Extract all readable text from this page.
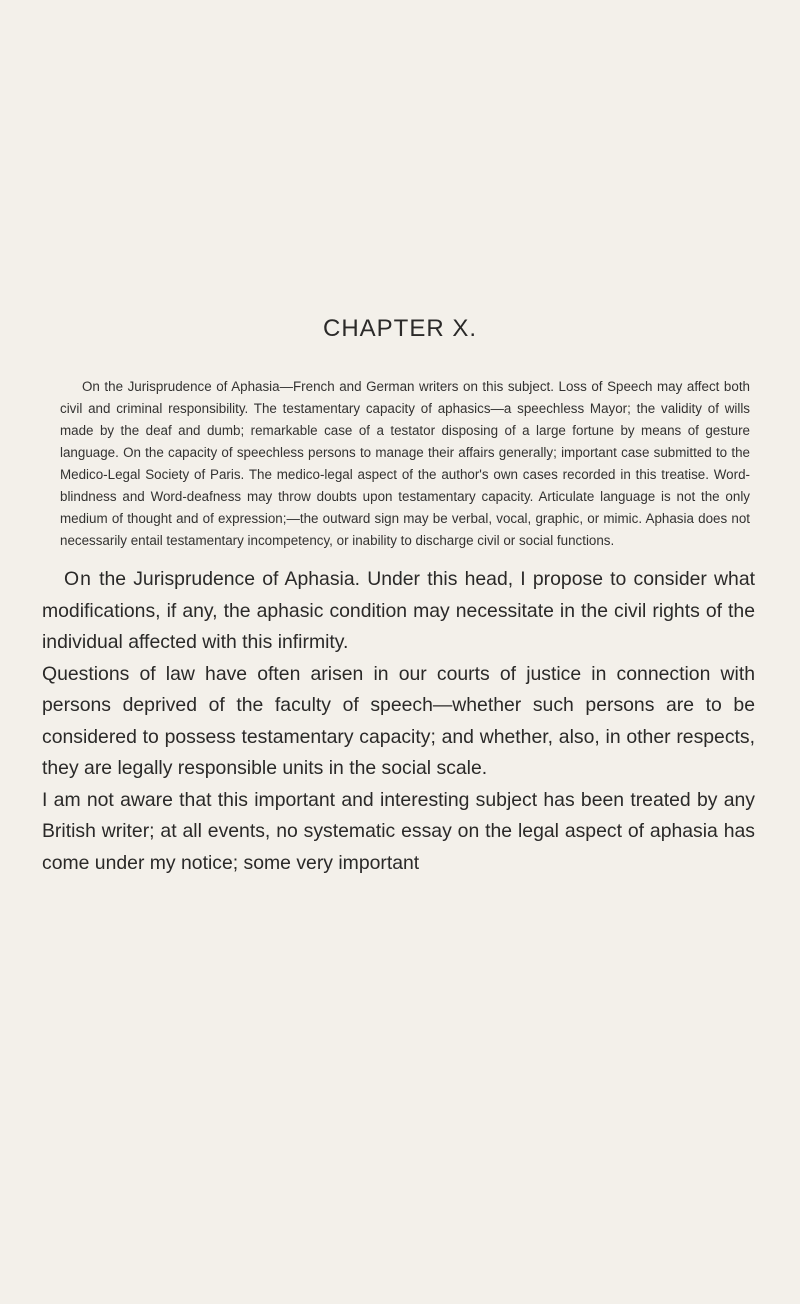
CHAPTER X.

On the Jurisprudence of Aphasia—French and German writers on this subject. Loss of Speech may affect both civil and criminal responsibility. The testamentary capacity of aphasics—a speechless Mayor; the validity of wills made by the deaf and dumb; remarkable case of a testator disposing of a large fortune by means of gesture language. On the capacity of speechless persons to manage their affairs generally; important case submitted to the Medico-Legal Society of Paris. The medico-legal aspect of the author's own cases recorded in this treatise. Word-blindness and Word-deafness may throw doubts upon testamentary capacity. Articulate language is not the only medium of thought and of expression;—the outward sign may be verbal, vocal, graphic, or mimic. Aphasia does not necessarily entail testamentary incompetency, or inability to discharge civil or social functions.

On the Jurisprudence of Aphasia. Under this head, I propose to consider what modifications, if any, the aphasic condition may necessitate in the civil rights of the individual affected with this infirmity.

Questions of law have often arisen in our courts of justice in connection with persons deprived of the faculty of speech—whether such persons are to be considered to possess testamentary capacity; and whether, also, in other respects, they are legally responsible units in the social scale.

I am not aware that this important and interesting subject has been treated by any British writer; at all events, no systematic essay on the legal aspect of aphasia has come under my notice; some very important
